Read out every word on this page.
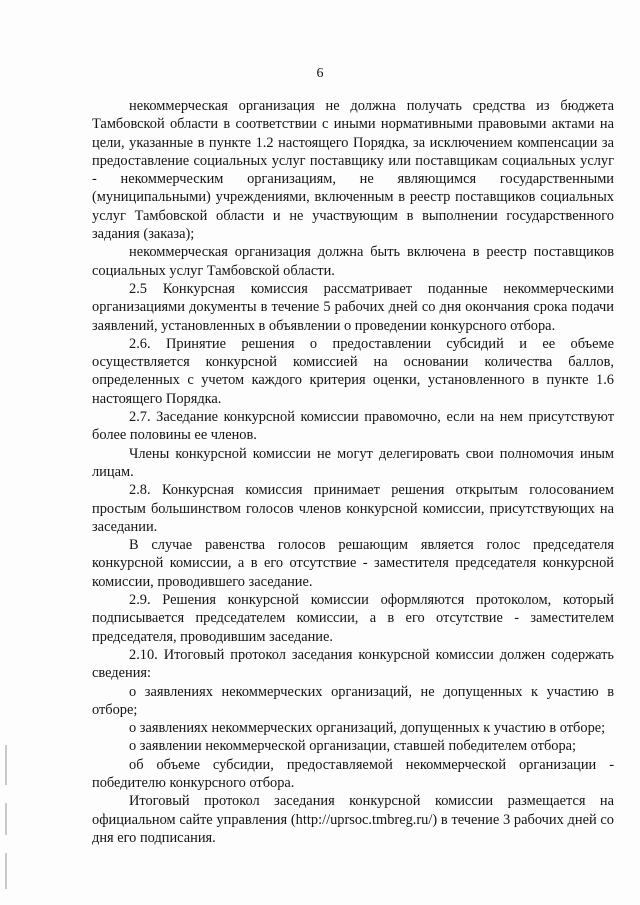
6

некоммерческая организация не должна получать средства из бюджета Тамбовской области в соответствии с иными нормативными правовыми актами на цели, указанные в пункте 1.2 настоящего Порядка, за исключением компенсации за предоставление социальных услуг поставщику или поставщикам социальных услуг - некоммерческим организациям, не являющимся государственными (муниципальными) учреждениями, включенным в реестр поставщиков социальных услуг Тамбовской области и не участвующим в выполнении государственного задания (заказа);

некоммерческая организация должна быть включена в реестр поставщиков социальных услуг Тамбовской области.

2.5 Конкурсная комиссия рассматривает поданные некоммерческими организациями документы в течение 5 рабочих дней со дня окончания срока подачи заявлений, установленных в объявлении о проведении конкурсного отбора.

2.6. Принятие решения о предоставлении субсидий и ее объеме осуществляется конкурсной комиссией на основании количества баллов, определенных с учетом каждого критерия оценки, установленного в пункте 1.6 настоящего Порядка.

2.7. Заседание конкурсной комиссии правомочно, если на нем присутствуют более половины ее членов.

Члены конкурсной комиссии не могут делегировать свои полномочия иным лицам.

2.8. Конкурсная комиссия принимает решения открытым голосованием простым большинством голосов членов конкурсной комиссии, присутствующих на заседании.

В случае равенства голосов решающим является голос председателя конкурсной комиссии, а в его отсутствие - заместителя председателя конкурсной комиссии, проводившего заседание.

2.9. Решения конкурсной комиссии оформляются протоколом, который подписывается председателем комиссии, а в его отсутствие - заместителем председателя, проводившим заседание.

2.10. Итоговый протокол заседания конкурсной комиссии должен содержать сведения:

о заявлениях некоммерческих организаций, не допущенных к участию в отборе;

о заявлениях некоммерческих организаций, допущенных к участию в отборе;

о заявлении некоммерческой организации, ставшей победителем отбора;

об объеме субсидии, предоставляемой некоммерческой организации - победителю конкурсного отбора.

Итоговый протокол заседания конкурсной комиссии размещается на официальном сайте управления (http://uprsoc.tmbreg.ru/) в течение 3 рабочих дней со дня его подписания.
